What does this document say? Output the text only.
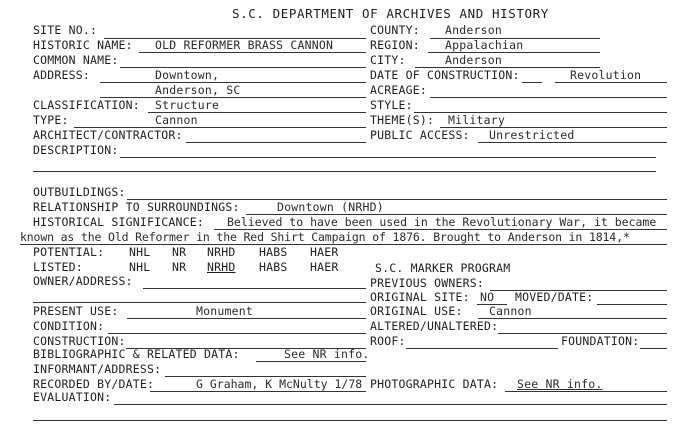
S.C. DEPARTMENT OF ARCHIVES AND HISTORY
SITE NO.:
HISTORIC NAME: OLD REFORMER BRASS CANNON
COMMON NAME:
ADDRESS:	Downtown,
Anderson, SC
CLASSIFICATION: Structure
TYPE:	Cannon
ARCHITECT/CONTRACTOR:
DESCRIPTION:
COUNTY: Anderson
REGION: Appalachian
CITY:	Anderson
DATE OF CONSTRUCTION:	Revolution
ACREAGE:
STYLE:
THEME(S): Military
PUBLIC ACCESS: Unrestricted
OUTBUILDINGS:
RELATIONSHIP TO SURROUNDINGS:	Downtown (NRHD)
HISTORICAL SIGNIFICANCE: Believed to have been used in the Revolutionary War, it became
known as the Old Reformer in the Red Shirt Campaign of 1876. Brought to Anderson in 1814,*
POTENTIAL: NHL NR NRHD HABS HAER
LISTED:	NHL NR NRHD HABS HAER
OWNER/ADDRESS:
PRESENT USE:	Monument
CONDITION:
CONSTRUCTION:
BIBLIOGRAPHIC & RELATED DATA:	See NR info.
INFORMANT/ADDRESS:
RECORDED BY/DATE:	G Graham, K McNulty 1/78
EVALUATION:
S.C. MARKER PROGRAM
PREVIOUS OWNERS:
ORIGINAL SITE: NO MOVED/DATE:
ORIGINAL USE: Cannon
ALTERED/UNALTERED:
ROOF:	FOUNDATION:
PHOTOGRAPHIC DATA: See NR info.
